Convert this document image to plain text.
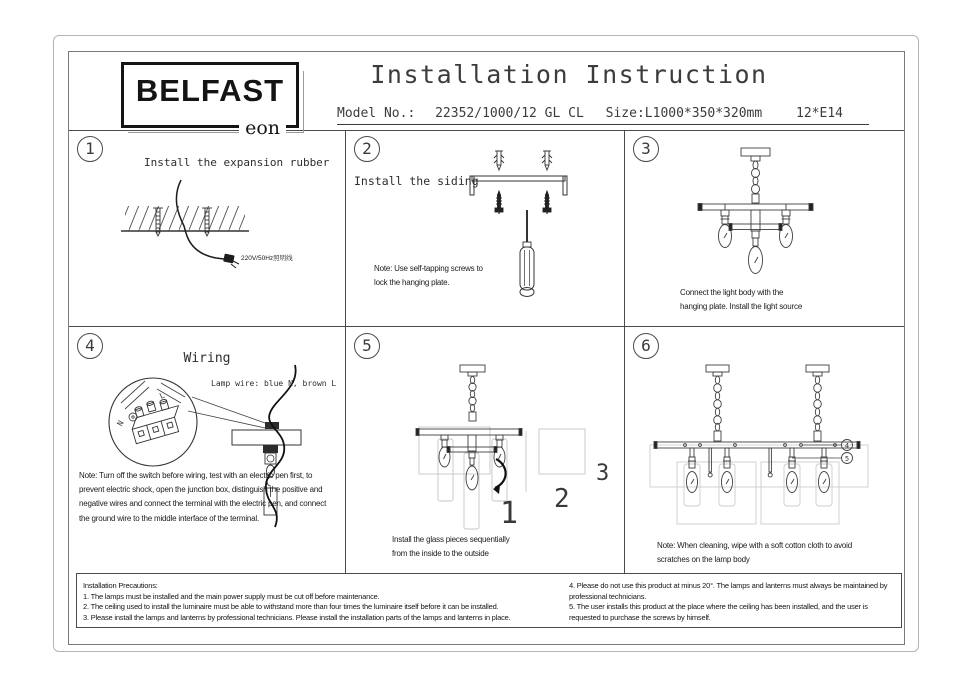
BELFAST
eon
Installation Instruction
Model No.: 22352/1000/12 GL CL Size:L1000*350*320mm	12*E14
220V/50Hz照明线
1
Install the expansion rubber
2
Install the siding
Note: Use self-tapping screws to
lock the hanging plate.
3
Connect the light body with the
hanging plate. Install the light source
N
L
4
Wiring
Lamp wire: blue N, brown L
Note: Turn off the switch before wiring, test with an electric pen first, to prevent electric shock, open the junction box, distinguish the positive and negative wires and connect the terminal with the electric pen, and connect the ground wire to the middle interface of the terminal.	1 2
3
5
Install the glass pieces sequentially
from the inside to the outside
4
5
6
Note: When cleaning, wipe with a soft cotton cloth to avoid
scratches on the lamp body
Installation Precautions:
1. The lamps must be installed and the main power supply must be cut off before maintenance.
2. The ceiling used to install the luminaire must be able to withstand more than four times the luminaire itself before it can be installed.
3. Please install the lamps and lanterns by professional technicians. Please install the installation parts of the lamps and lanterns in place.
4. Please do not use this product at minus 20°. The lamps and lanterns must always be maintained by professional technicians.
5. The user installs this product at the place where the ceiling has been installed, and the user is requested to purchase the screws by himself.
